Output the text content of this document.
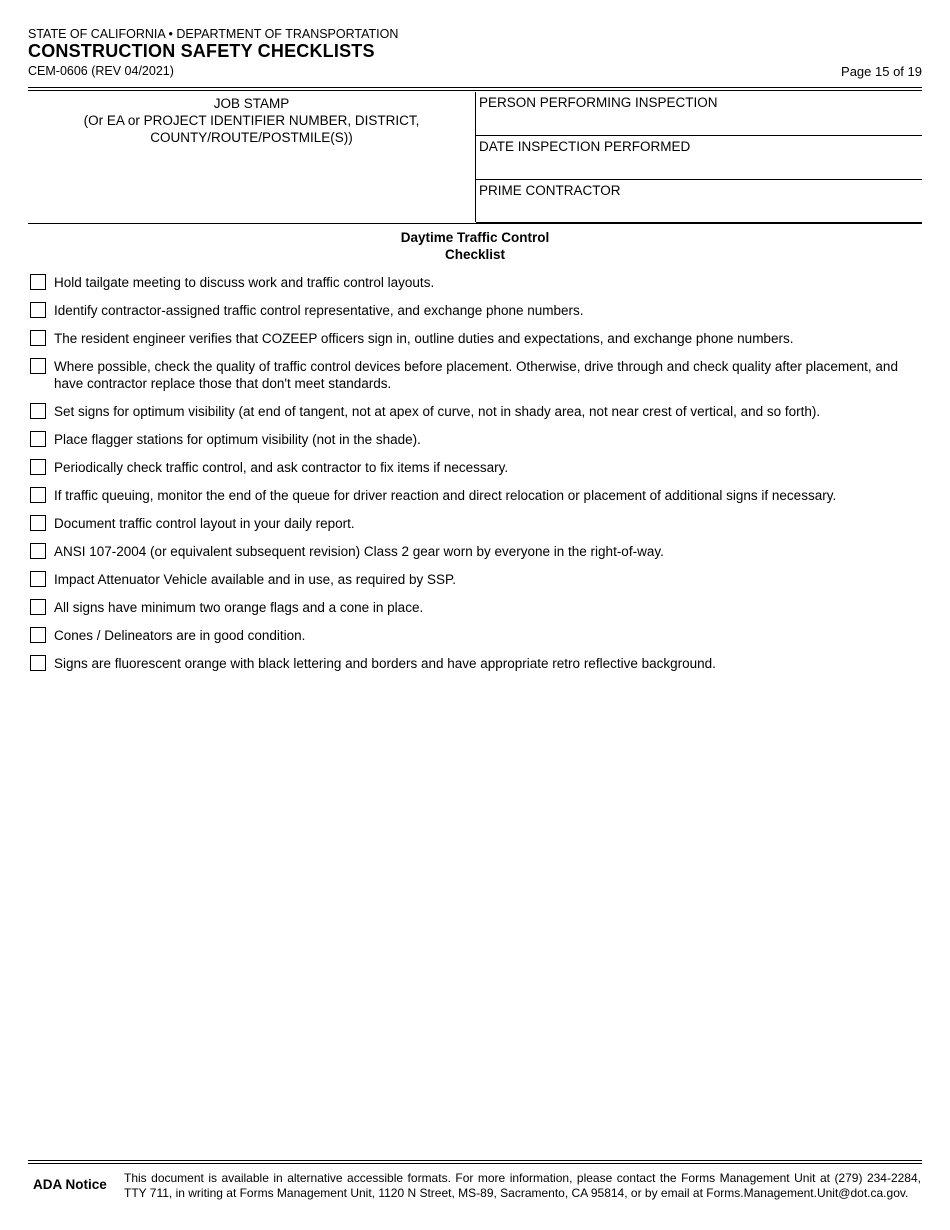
STATE OF CALIFORNIA • DEPARTMENT OF TRANSPORTATION
CONSTRUCTION SAFETY CHECKLISTS
CEM-0606 (REV 04/2021)	Page 15 of 19
JOB STAMP
(Or EA or PROJECT IDENTIFIER NUMBER, DISTRICT,
COUNTY/ROUTE/POSTMILE(S))
PERSON PERFORMING INSPECTION
DATE INSPECTION PERFORMED
PRIME CONTRACTOR
Daytime Traffic Control
Checklist
Hold tailgate meeting to discuss work and traffic control layouts.
Identify contractor-assigned traffic control representative, and exchange phone numbers.
The resident engineer verifies that COZEEP officers sign in, outline duties and expectations, and exchange phone numbers.
Where possible, check the quality of traffic control devices before placement. Otherwise, drive through and check quality after placement, and have contractor replace those that don't meet standards.
Set signs for optimum visibility (at end of tangent, not at apex of curve, not in shady area, not near crest of vertical, and so forth).
Place flagger stations for optimum visibility (not in the shade).
Periodically check traffic control, and ask contractor to fix items if necessary.
If traffic queuing, monitor the end of the queue for driver reaction and direct relocation or placement of additional signs if necessary.
Document traffic control layout in your daily report.
ANSI 107-2004 (or equivalent subsequent revision) Class 2 gear worn by everyone in the right-of-way.
Impact Attenuator Vehicle available and in use, as required by SSP.
All signs have minimum two orange flags and a cone in place.
Cones / Delineators are in good condition.
Signs are fluorescent orange with black lettering and borders and have appropriate retro reflective background.
ADA Notice This document is available in alternative accessible formats. For more information, please contact the Forms Management Unit at (279) 234-2284, TTY 711, in writing at Forms Management Unit, 1120 N Street, MS-89, Sacramento, CA 95814, or by email at Forms.Management.Unit@dot.ca.gov.
